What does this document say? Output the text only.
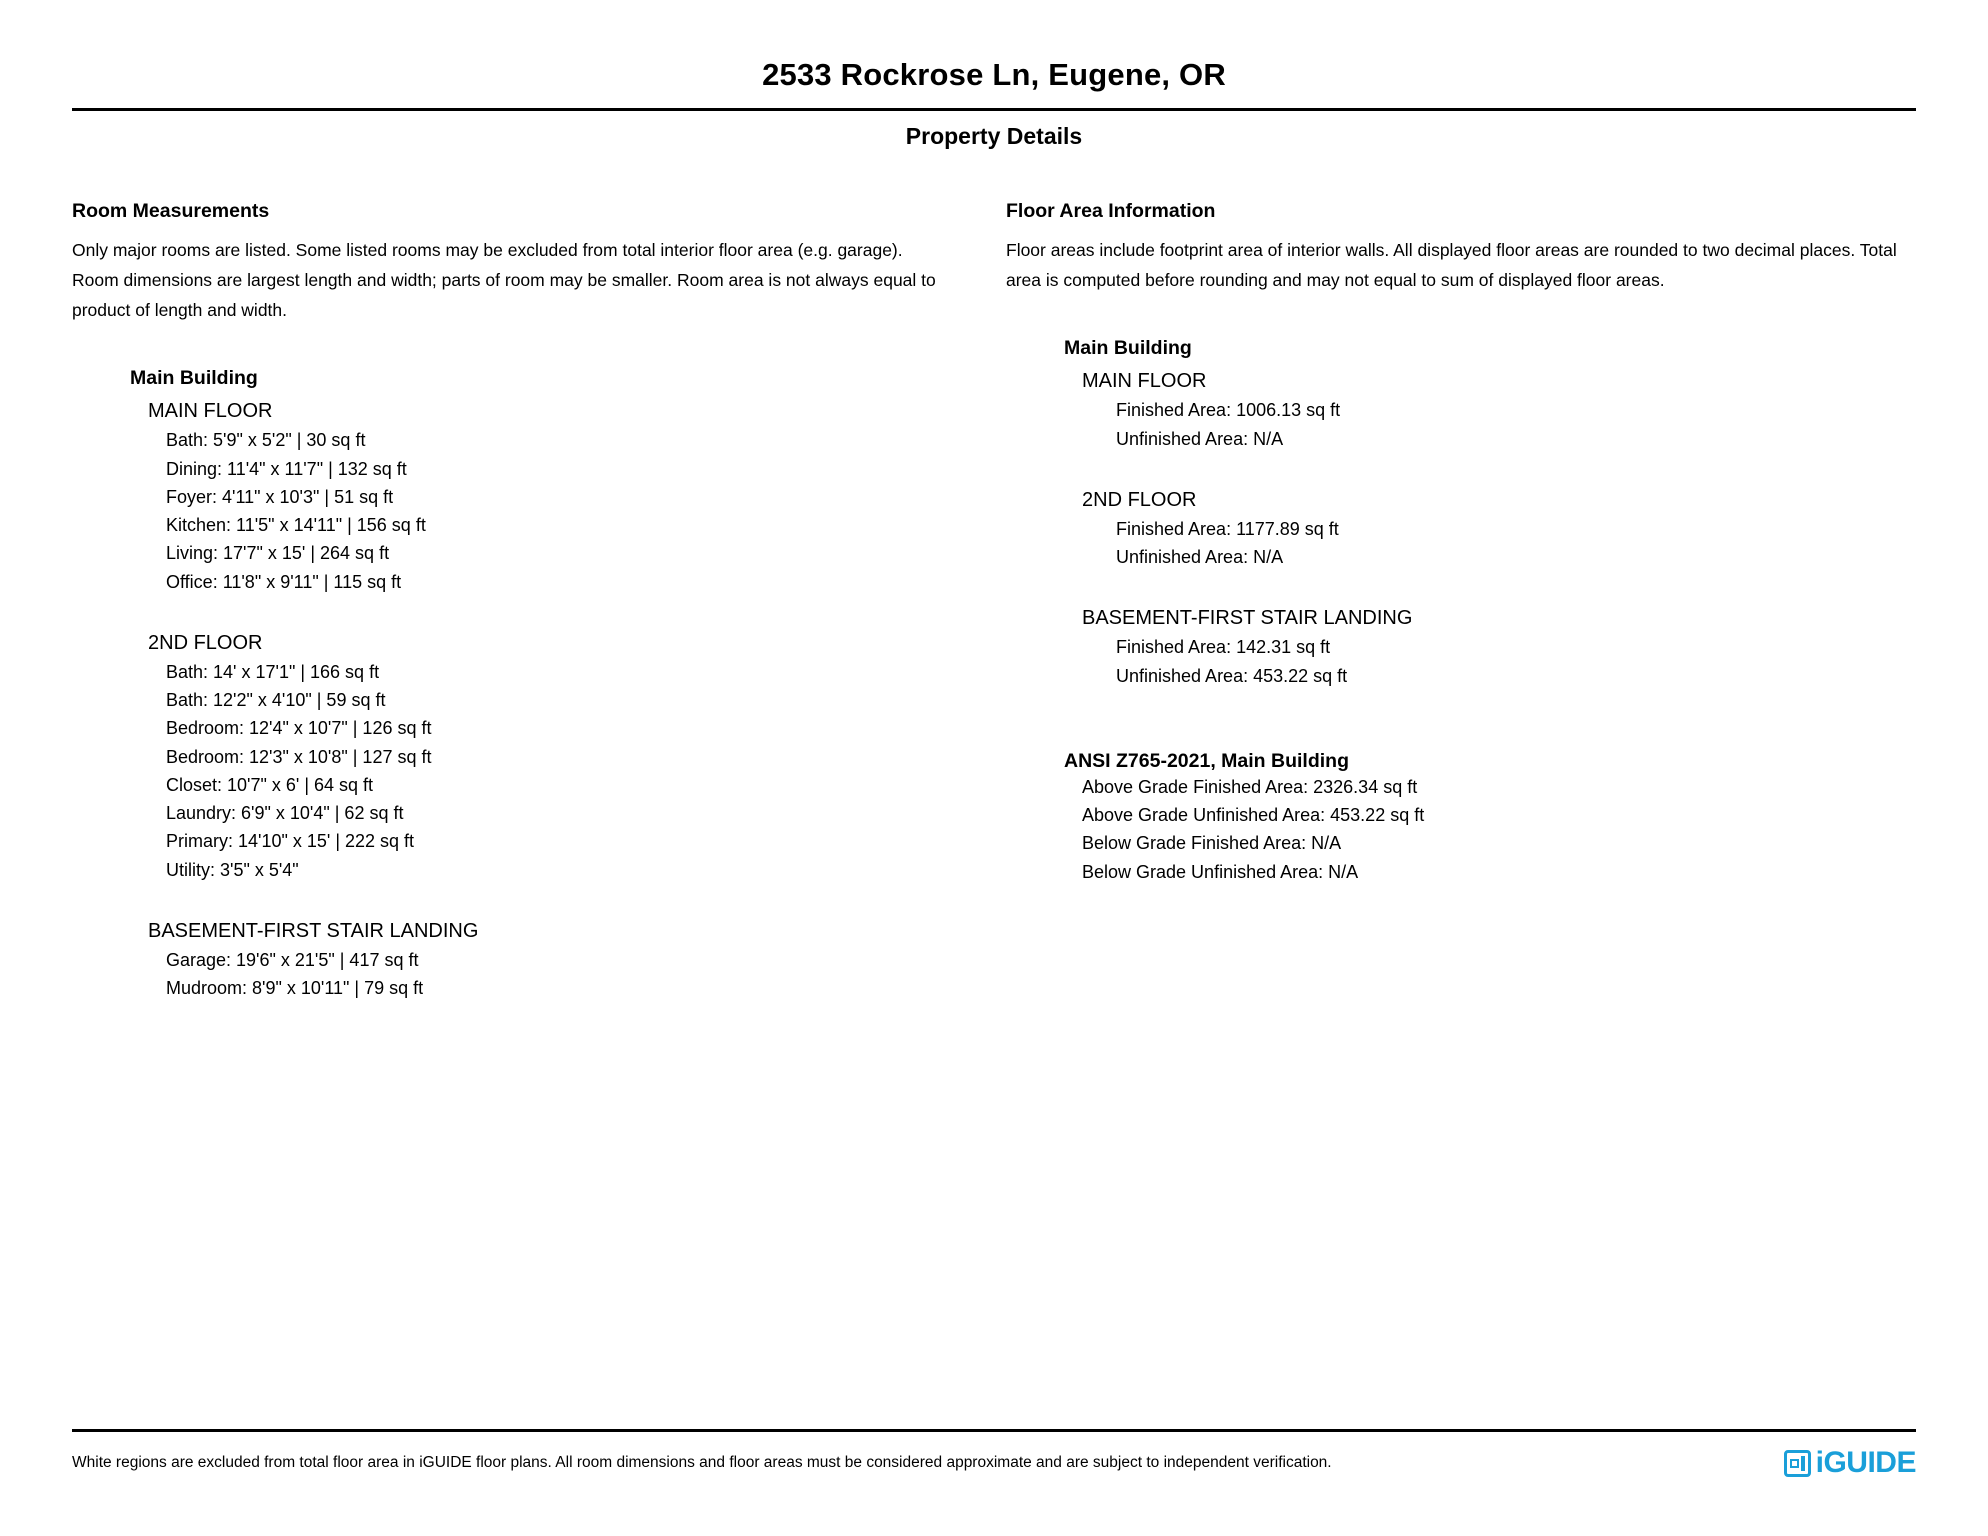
2533 Rockrose Ln, Eugene, OR
Property Details
Room Measurements
Only major rooms are listed. Some listed rooms may be excluded from total interior floor area (e.g. garage). Room dimensions are largest length and width; parts of room may be smaller. Room area is not always equal to product of length and width.
Main Building
MAIN FLOOR
Bath: 5'9" x 5'2" | 30 sq ft
Dining: 11'4" x 11'7" | 132 sq ft
Foyer: 4'11" x 10'3" | 51 sq ft
Kitchen: 11'5" x 14'11" | 156 sq ft
Living: 17'7" x 15' | 264 sq ft
Office: 11'8" x 9'11" | 115 sq ft
2ND FLOOR
Bath: 14' x 17'1" | 166 sq ft
Bath: 12'2" x 4'10" | 59 sq ft
Bedroom: 12'4" x 10'7" | 126 sq ft
Bedroom: 12'3" x 10'8" | 127 sq ft
Closet: 10'7" x 6' | 64 sq ft
Laundry: 6'9" x 10'4" | 62 sq ft
Primary: 14'10" x 15' | 222 sq ft
Utility: 3'5" x 5'4"
BASEMENT-FIRST STAIR LANDING
Garage: 19'6" x 21'5" | 417 sq ft
Mudroom: 8'9" x 10'11" | 79 sq ft
Floor Area Information
Floor areas include footprint area of interior walls. All displayed floor areas are rounded to two decimal places. Total area is computed before rounding and may not equal to sum of displayed floor areas.
Main Building
MAIN FLOOR
Finished Area: 1006.13 sq ft
Unfinished Area: N/A
2ND FLOOR
Finished Area: 1177.89 sq ft
Unfinished Area: N/A
BASEMENT-FIRST STAIR LANDING
Finished Area: 142.31 sq ft
Unfinished Area: 453.22 sq ft
ANSI Z765-2021, Main Building
Above Grade Finished Area: 2326.34 sq ft
Above Grade Unfinished Area: 453.22 sq ft
Below Grade Finished Area: N/A
Below Grade Unfinished Area: N/A
White regions are excluded from total floor area in iGUIDE floor plans. All room dimensions and floor areas must be considered approximate and are subject to independent verification.	iGUIDE
